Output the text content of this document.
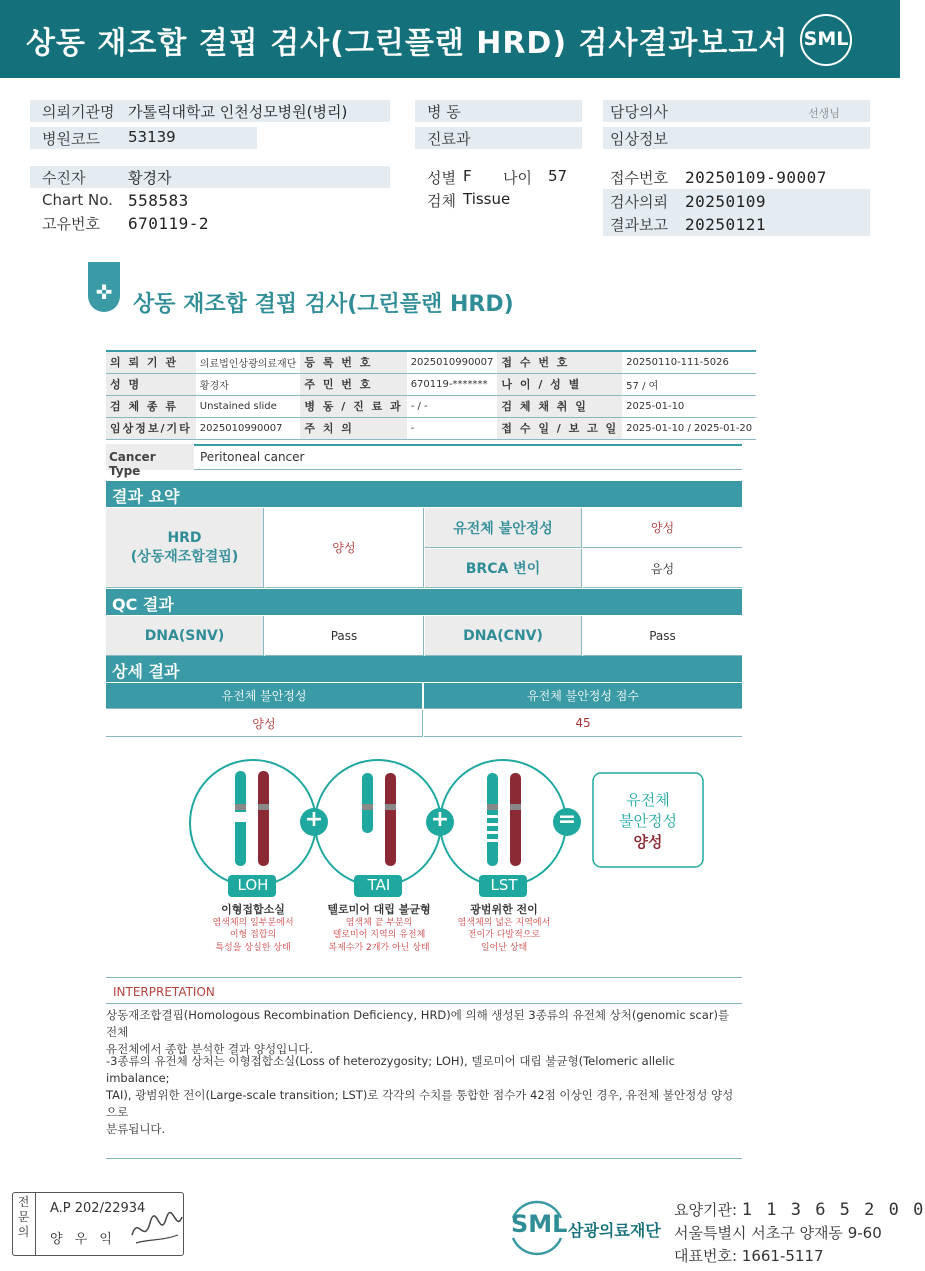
상동 재조합 결핍 검사(그린플랜 HRD) 검사결과보고서 SML
의뢰기관명 가톨릭대학교 인천성모병원(병리)
병원코드 53139
병 동
진료과
담당의사	선생님
임상정보
수진자	황경자
Chart No. 558583
고유번호 670119-2
성별 F 나이 57
검체 Tissue
접수번호 20250109-90007
검사의뢰 20250109
결과보고 20250121
✜ 상동 재조합 결핍 검사(그린플랜 HRD)
의 뢰 기 관	의료법인상광의료재단	등 록 번 호	2025010990007	접 수 번 호	20250110-111-5026
성 명	황경자	주 민 번 호	670119-*******	나 이 / 성 별	57 / 여
검 체 종 류	Unstained slide	병 동 / 진 료 과	- / -	검 체 채 취 일	2025-01-10
임상정보/기타	2025010990007	주 치 의	-	접 수 일 / 보 고 일	2025-01-10 / 2025-01-20
Cancer Type
Peritoneal cancer
결과 요약
HRD
(상동재조합결핍)
양성
유전체 불안정성	양성
BRCA 변이	음성
QC 결과
DNA(SNV)	Pass	DNA(CNV)	Pass
상세 결과
유전체 불안정성	유전체 불안정성 점수
양성	45
LOH	TAI	LST
+	+	=
유전체
불안정성
양성
이형접합소실
염색체의 일부분에서
이형 접합의
특성을 상실한 상태
텔로미어 대립 불균형
염색체 끝 부분의
텔로미어 지역의 유전체
복제수가 2개가 아닌 상태
광범위한 전이
염색체의 넓은 지역에서
전이가 다발적으로
일어난 상태
INTERPRETATION
상동재조합결핍(Homologous Recombination Deficiency, HRD)에 의해 생성된 3종류의 유전체 상처(genomic scar)를 전체
유전체에서 종합 분석한 결과 양성입니다.
-3종류의 유전체 상처는 이형접합소실(Loss of heterozygosity; LOH), 텔로미어 대립 불균형(Telomeric allelic imbalance;
TAI), 광범위한 전이(Large-scale transition; LST)로 각각의 수치를 통합한 점수가 42점 이상인 경우, 유전체 불안정성 양성으로
분류됩니다.
전
문
의
A.P 202/22934
양 우 익
SML 삼광의료재단
요양기관: 1 1 3 6 5 2 0 0
서울특별시 서초구 양재동 9-60
대표번호: 1661-5117
